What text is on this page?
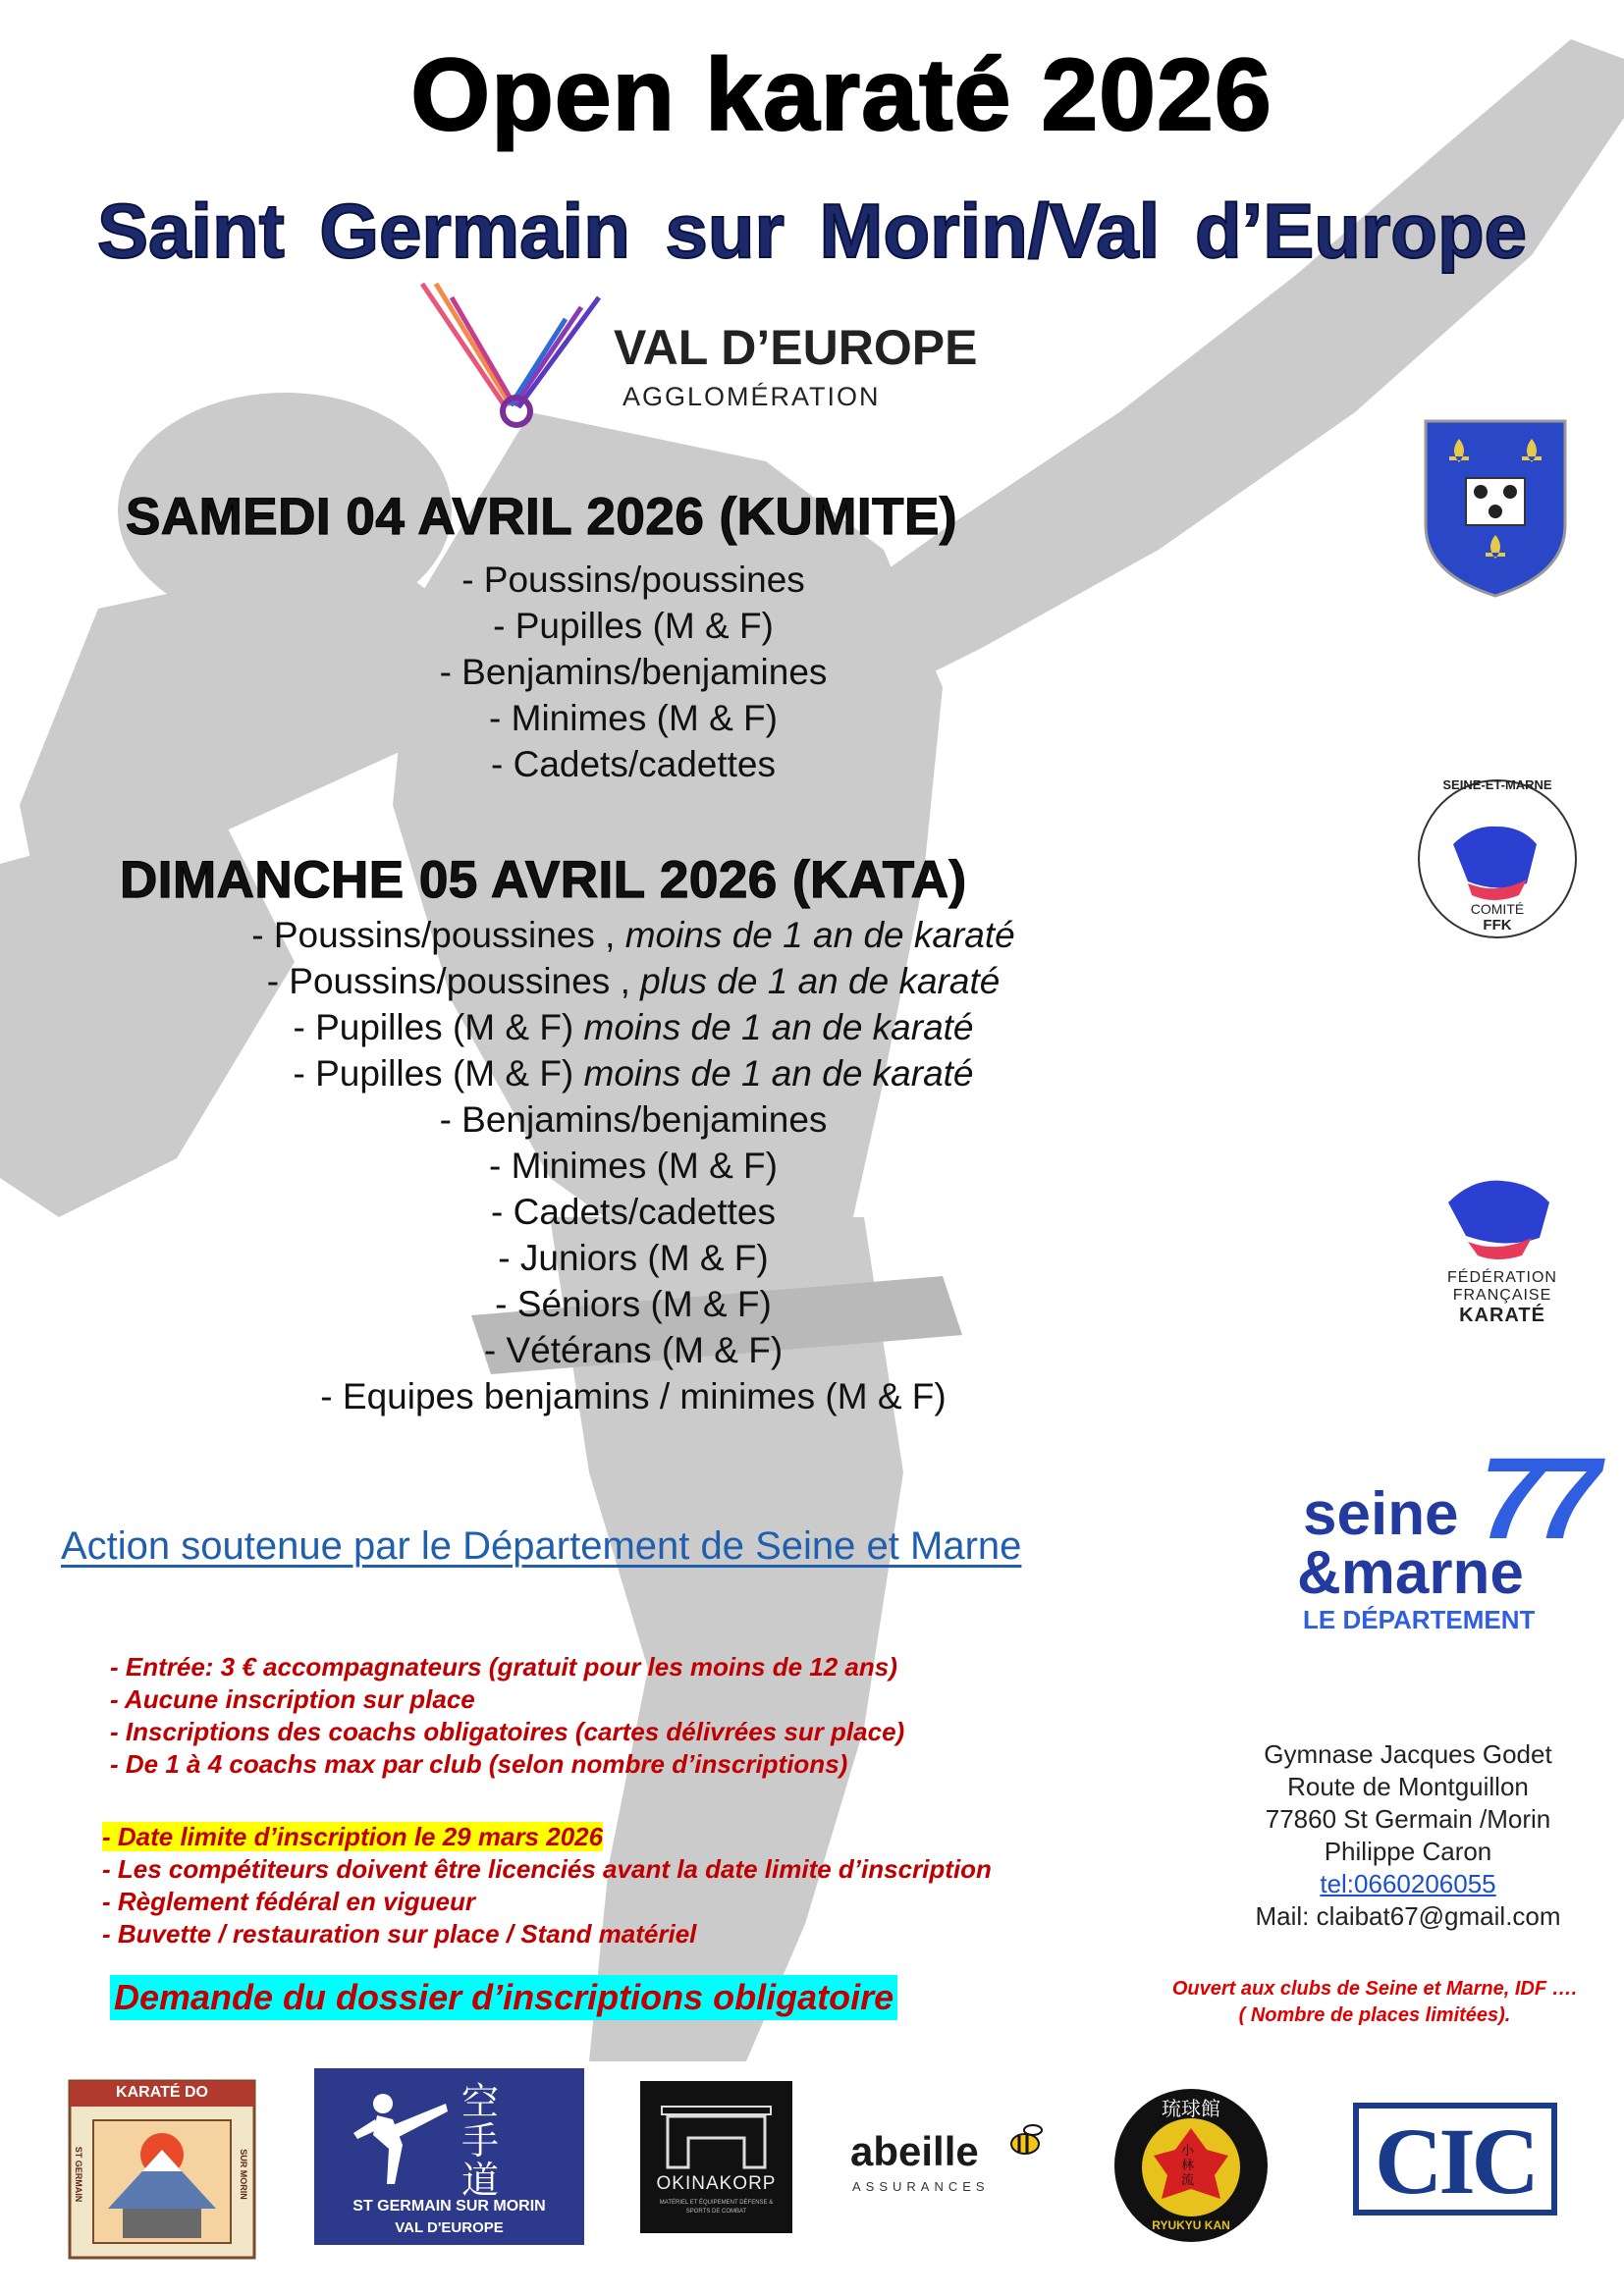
Open karaté 2026
Saint Germain sur Morin/Val d’Europe
VAL D’EUROPE
AGGLOMÉRATION
SAMEDI 04 AVRIL 2026 (KUMITE)
- Poussins/poussines
- Pupilles (M & F)
- Benjamins/benjamines
- Minimes (M & F)
- Cadets/cadettes
DIMANCHE 05 AVRIL 2026 (KATA)
- Poussins/poussines , moins de 1 an de karaté
- Poussins/poussines , plus de 1 an de karaté
- Pupilles (M & F) moins de 1 an de karaté
- Pupilles (M & F) moins de 1 an de karaté
- Benjamins/benjamines
- Minimes (M & F)
- Cadets/cadettes
- Juniors (M & F)
- Séniors (M & F)
- Vétérans (M & F)
- Equipes benjamins / minimes (M & F)
SEINE-ET-MARNE
COMITÉ
FFK
FÉDÉRATION
FRANÇAISE
KARATÉ
seine 77
&marne
LE DÉPARTEMENT
Action soutenue par le Département de Seine et Marne
- Entrée: 3 € accompagnateurs (gratuit pour les moins de 12 ans)
- Aucune inscription sur place
- Inscriptions des coachs obligatoires (cartes délivrées sur place)
- De 1 à 4 coachs max par club (selon nombre d’inscriptions)
- Date limite d’inscription le 29 mars 2026
- Les compétiteurs doivent être licenciés avant la date limite d’inscription
- Règlement fédéral en vigueur
- Buvette / restauration sur place / Stand matériel
Demande du dossier d’inscriptions obligatoire
Gymnase Jacques Godet
Route de Montguillon
77860 St Germain /Morin
Philippe Caron
tel:0660206055
Mail: claibat67@gmail.com
Ouvert aux clubs de Seine et Marne, IDF ….
( Nombre de places limitées).
KARATÉ DO
ST GERMAIN	SUR MORIN
空手道
ST GERMAIN SUR MORIN
VAL D'EUROPE
OKINAKORP
MATÉRIEL ET ÉQUIPEMENT DÉFENSE & SPORTS DE COMBAT
abeille
ASSURANCES
琉球館
小林流
RYUKYU KAN
CIC
